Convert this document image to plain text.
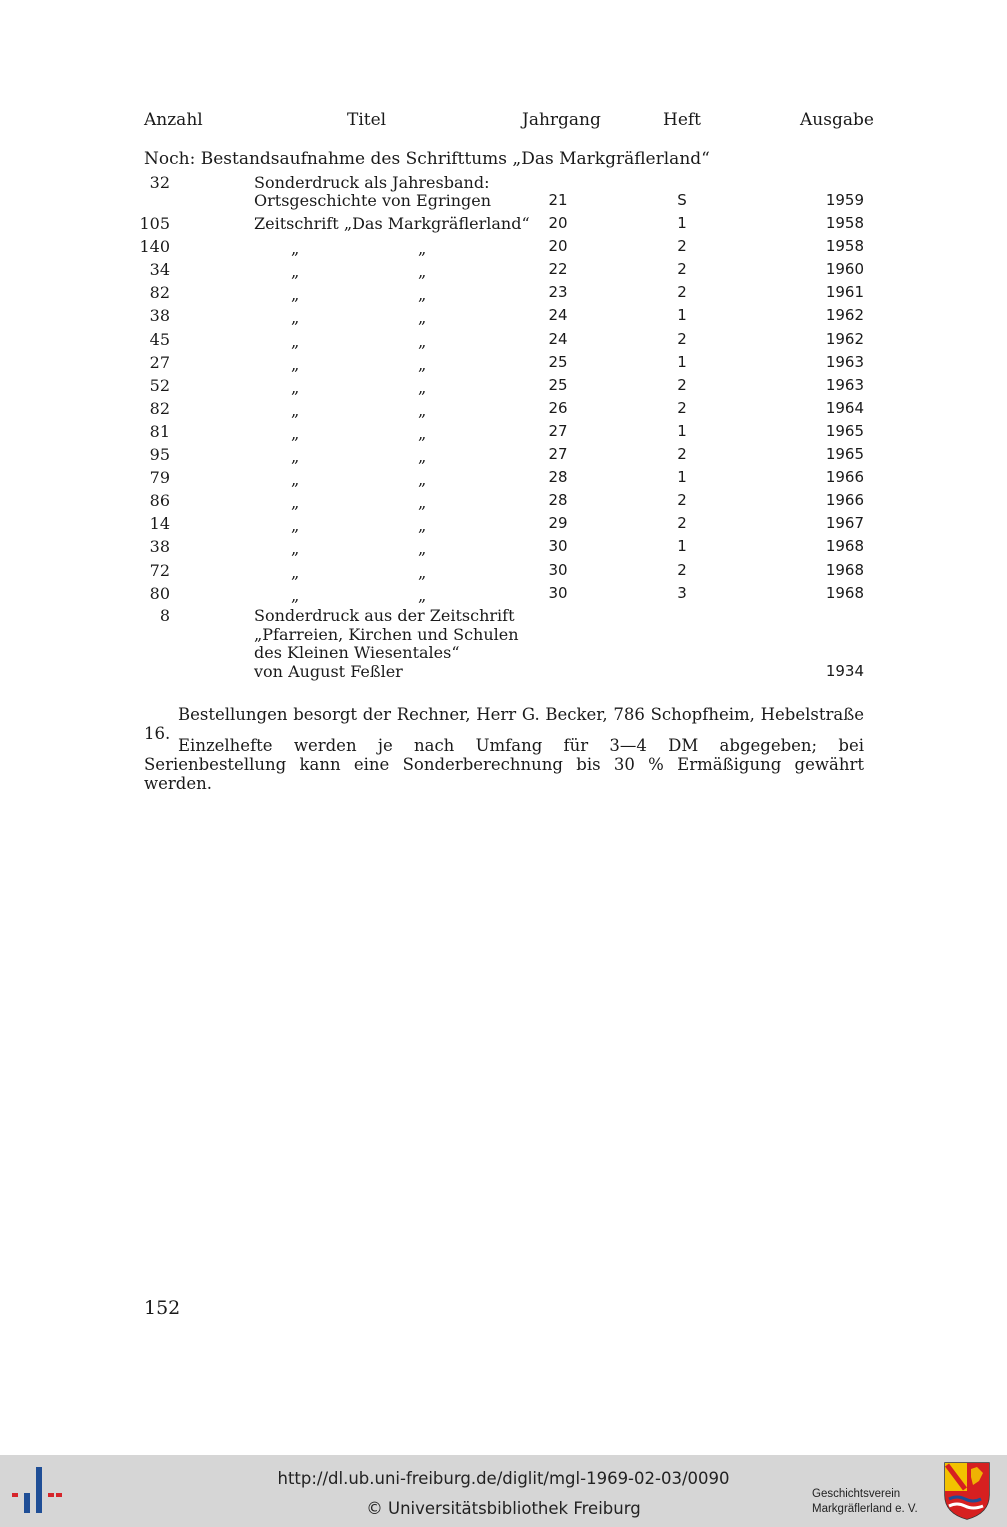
Anzahl	Titel	Jahrgang	Heft	Ausgabe
Noch: Bestandsaufnahme des Schrifttums „Das Markgräflerland“
32	Sonderdruck als Jahresband:
Ortsgeschichte von Egringen	21	S	1959
105	Zeitschrift „Das Markgräflerland“	20	1	1958
140	„	„	20	2	1958
34	„	„	22	2	1960
82	„	„	23	2	1961
38	„	„	24	1	1962
45	„	„	24	2	1962
27	„	„	25	1	1963
52	„	„	25	2	1963
82	„	„	26	2	1964
81	„	„	27	1	1965
95	„	„	27	2	1965
79	„	„	28	1	1966
86	„	„	28	2	1966
14	„	„	29	2	1967
38	„	„	30	1	1968
72	„	„	30	2	1968
80	„	„	30	3	1968
8	Sonderdruck aus der Zeitschrift
„Pfarreien, Kirchen und Schulen
des Kleinen Wiesentales“
von August Feßler	1934
Bestellungen besorgt der Rechner, Herr G. Becker, 786 Schopfheim, Hebelstraße 16.
Einzelhefte werden je nach Umfang für 3—4 DM abgegeben; bei Serienbestellung kann eine Sonderberechnung bis 30 % Ermäßigung gewährt werden.
152
http://dl.ub.uni-freiburg.de/diglit/mgl-1969-02-03/0090
© Universitätsbibliothek Freiburg
Geschichtsverein
Markgräflerland e. V.
